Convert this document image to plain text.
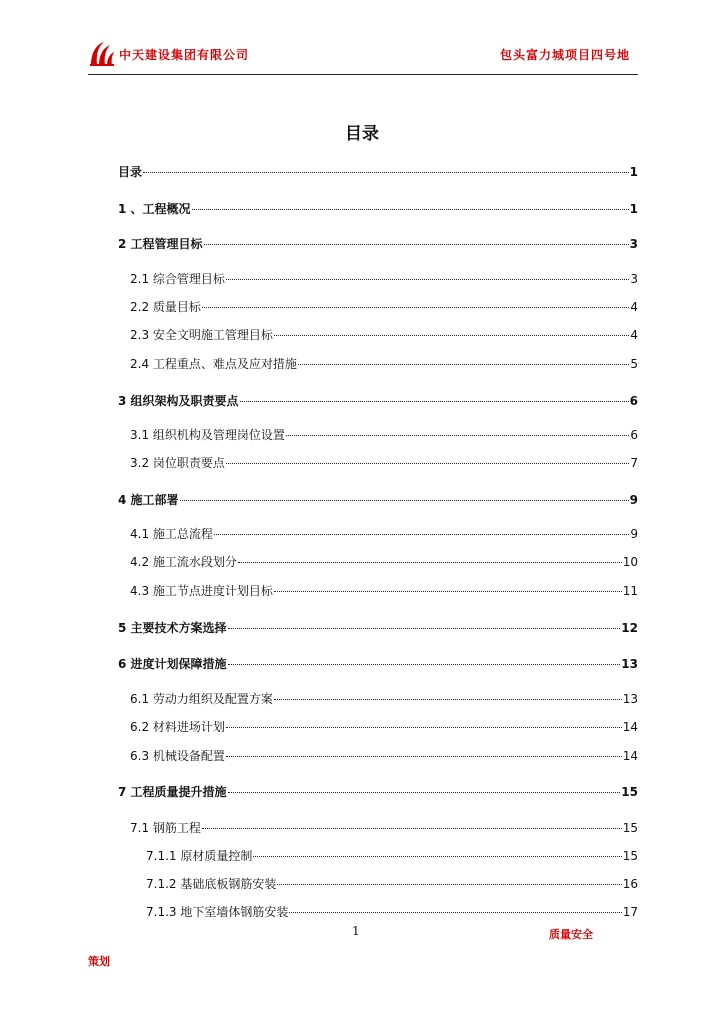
中天建设集团有限公司	包头富力城项目四号地
目录
目录	1
1 、工程概况	1
2 工程管理目标	3
2.1 综合管理目标	3
2.2 质量目标	4
2.3 安全文明施工管理目标	4
2.4 工程重点、难点及应对措施	5
3 组织架构及职责要点	6
3.1 组织机构及管理岗位设置	6
3.2 岗位职责要点	7
4 施工部署	9
4.1 施工总流程	9
4.2 施工流水段划分	10
4.3 施工节点进度计划目标	11
5 主要技术方案选择	12
6 进度计划保障措施	13
6.1 劳动力组织及配置方案	13
6.2 材料进场计划	14
6.3 机械设备配置	14
7 工程质量提升措施	15
7.1 钢筋工程	15
7.1.1 原材质量控制	15
7.1.2 基础底板钢筋安装	16
7.1.3 地下室墙体钢筋安装	17
1	质量安全
策划
